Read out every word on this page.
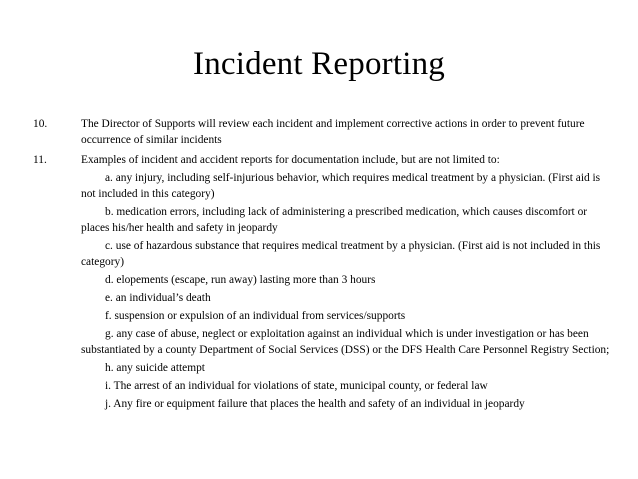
Incident Reporting
10.	The Director of Supports will review each incident and implement corrective actions in order to prevent future occurrence of similar incidents
11.	Examples of incident and accident reports for documentation include, but are not limited to:
a. any injury, including self-injurious behavior, which requires medical treatment by a physician. (First aid is not included in this category)
b. medication errors, including lack of administering a prescribed medication, which causes discomfort or places his/her health and safety in jeopardy
c. use of hazardous substance that requires medical treatment by a physician. (First aid is not included in this category)
d. elopements (escape, run away) lasting more than 3 hours
e. an individual’s death
f. suspension or expulsion of an individual from services/supports
g. any case of abuse, neglect or exploitation against an individual which is under investigation or has been substantiated by a county Department of Social Services (DSS) or the DFS Health Care Personnel Registry Section;
h. any suicide attempt
i. The arrest of an individual for violations of state, municipal county, or federal law
j. Any fire or equipment failure that places the health and safety of an individual in jeopardy
